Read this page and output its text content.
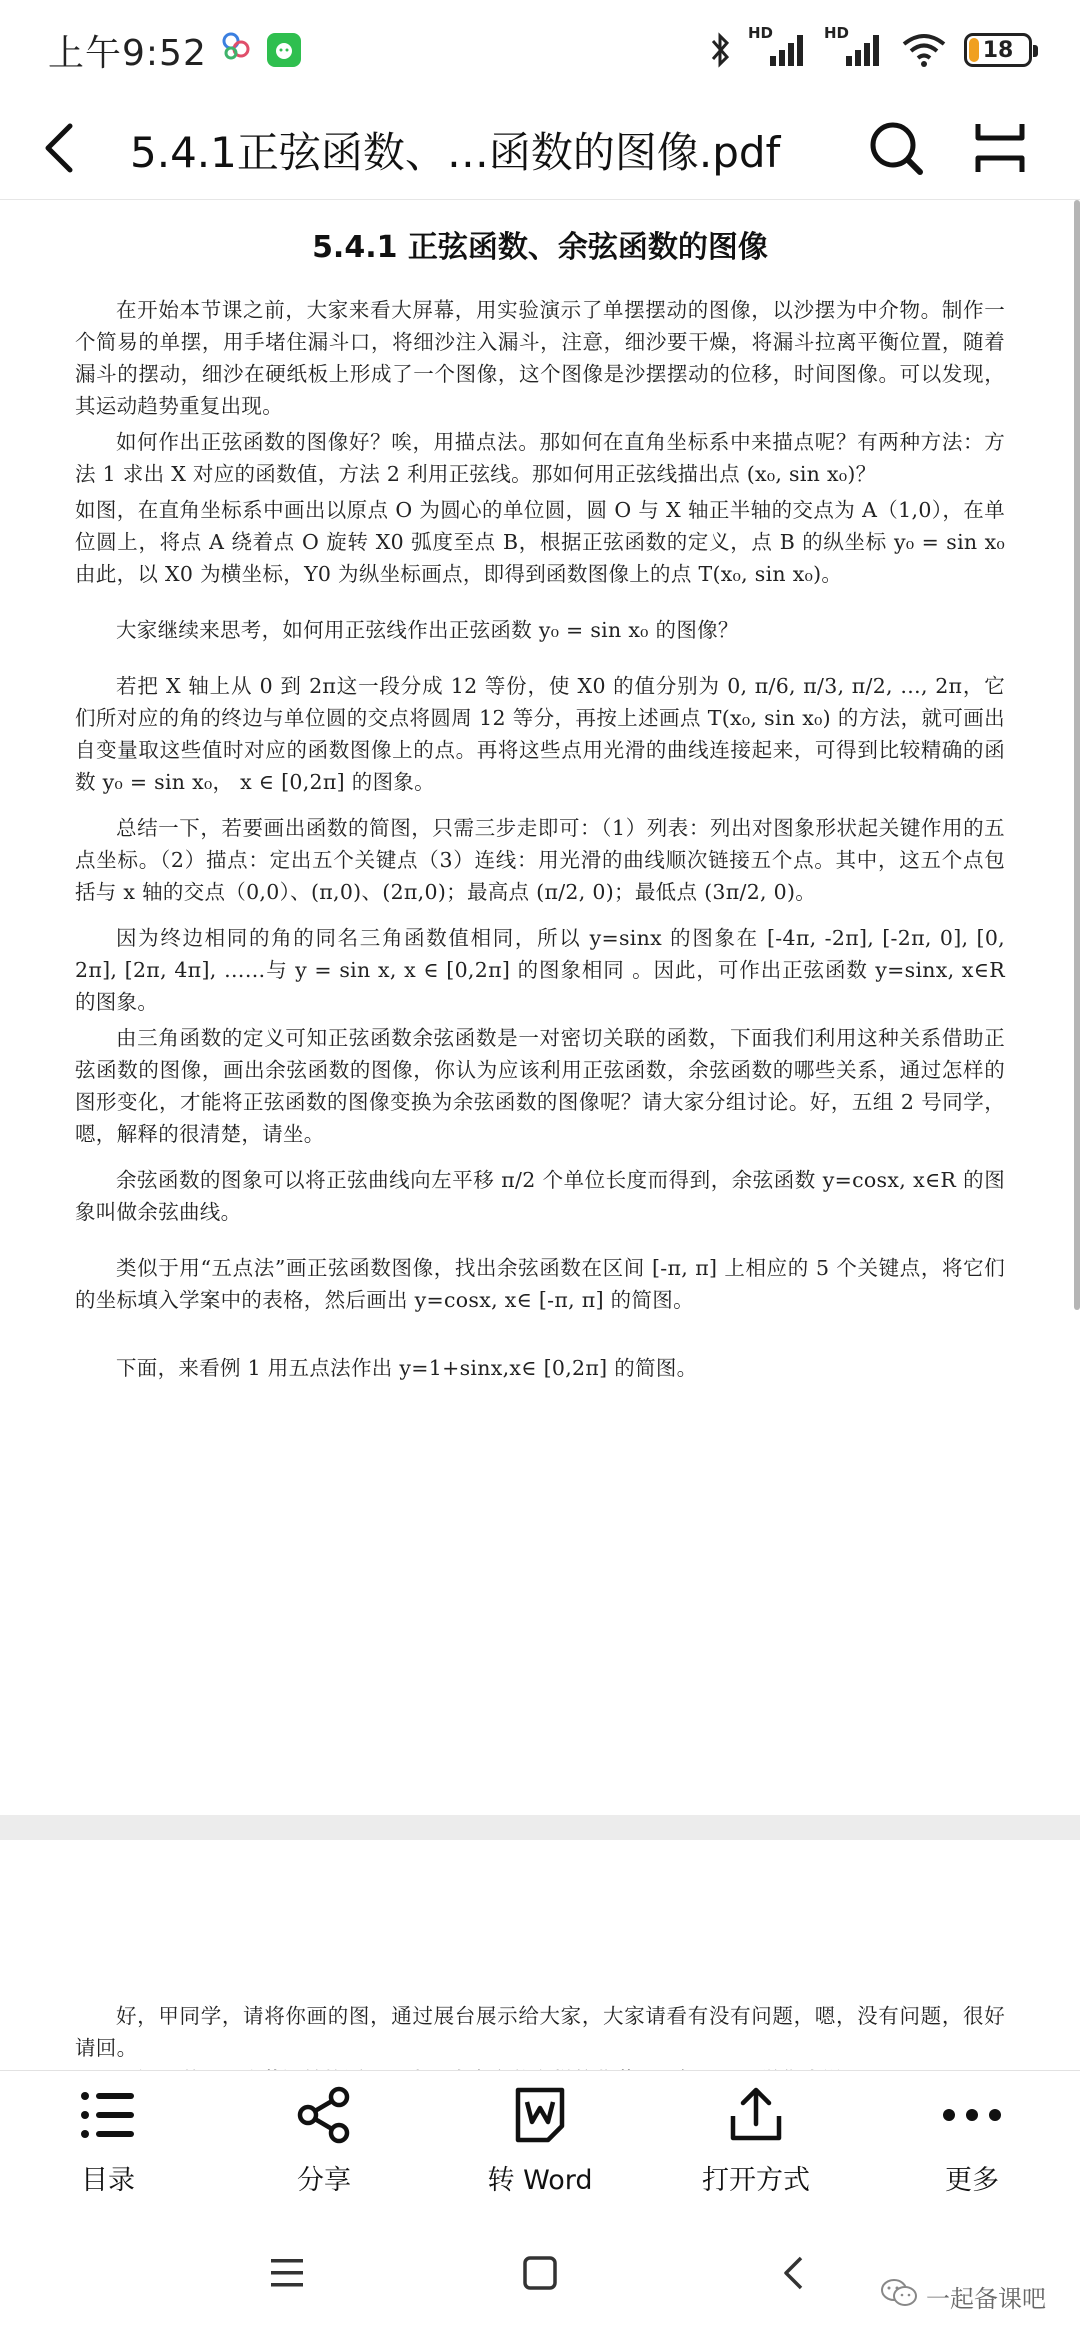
上午9:52	HD	HD
18
5.4.1正弦函数、…函数的图像.pdf
5.4.1 正弦函数、余弦函数的图像

在开始本节课之前，大家来看大屏幕，用实验演示了单摆摆动的图像，以沙摆为中介物。制作一个简易的单摆，用手堵住漏斗口，将细沙注入漏斗，注意，细沙要干燥，将漏斗拉离平衡位置，随着漏斗的摆动，细沙在硬纸板上形成了一个图像，这个图像是沙摆摆动的位移，时间图像。可以发现，其运动趋势重复出现。

如何作出正弦函数的图像好？唉，用描点法。那如何在直角坐标系中来描点呢？有两种方法：方法 1 求出 X 对应的函数值，方法 2 利用正弦线。那如何用正弦线描出点 (x₀, sin x₀)？

如图，在直角坐标系中画出以原点 O 为圆心的单位圆，圆 O 与 X 轴正半轴的交点为 A（1,0），在单位圆上，将点 A 绕着点 O 旋转 X0 弧度至点 B，根据正弦函数的定义，点 B 的纵坐标 y₀ = sin x₀ 由此，以 X0 为横坐标，Y0 为纵坐标画点，即得到函数图像上的点 T(x₀, sin x₀)。

大家继续来思考，如何用正弦线作出正弦函数 y₀ = sin x₀ 的图像？

若把 X 轴上从 0 到 2π这一段分成 12 等份，使 X0 的值分别为 0, π/6, π/3, π/2, …, 2π，它们所对应的角的终边与单位圆的交点将圆周 12 等分，再按上述画点 T(x₀, sin x₀) 的方法，就可画出自变量取这些值时对应的函数图像上的点。再将这些点用光滑的曲线连接起来，可得到比较精确的函数 y₀ = sin x₀， x ∈ [0,2π] 的图象。

总结一下，若要画出函数的简图，只需三步走即可：（1）列表：列出对图象形状起关键作用的五点坐标。（2）描点：定出五个关键点（3）连线：用光滑的曲线顺次链接五个点。其中，这五个点包括与 x 轴的交点（0,0）、(π,0)、(2π,0)；最高点 (π/2, 0)；最低点 (3π/2, 0)。

因为终边相同的角的同名三角函数值相同，所以 y=sinx 的图象在 [-4π, -2π], [-2π, 0], [0, 2π], [2π, 4π], ……与 y = sin x, x ∈ [0,2π] 的图象相同 。因此，可作出正弦函数 y=sinx, x∈R 的图象。

由三角函数的定义可知正弦函数余弦函数是一对密切关联的函数，下面我们利用这种关系借助正弦函数的图像，画出余弦函数的图像，你认为应该利用正弦函数，余弦函数的哪些关系，通过怎样的图形变化，才能将正弦函数的图像变换为余弦函数的图像呢？请大家分组讨论。好，五组 2 号同学，嗯，解释的很清楚，请坐。

余弦函数的图象可以将正弦曲线向左平移 π/2 个单位长度而得到，余弦函数 y=cosx, x∈R 的图象叫做余弦曲线。

类似于用“五点法”画正弦函数图像，找出余弦函数在区间 [-π, π] 上相应的 5 个关键点，将它们的坐标填入学案中的表格，然后画出 y=cosx, x∈ [-π, π] 的简图。

下面，来看例 1 用五点法作出 y=1+sinx,x∈ [0,2π] 的简图。

好，甲同学，请将你画的图，通过展台展示给大家，大家请看有没有问题，嗯，没有问题，很好请回。

目录	分享	转 Word	打开方式	更多
一起备课吧
